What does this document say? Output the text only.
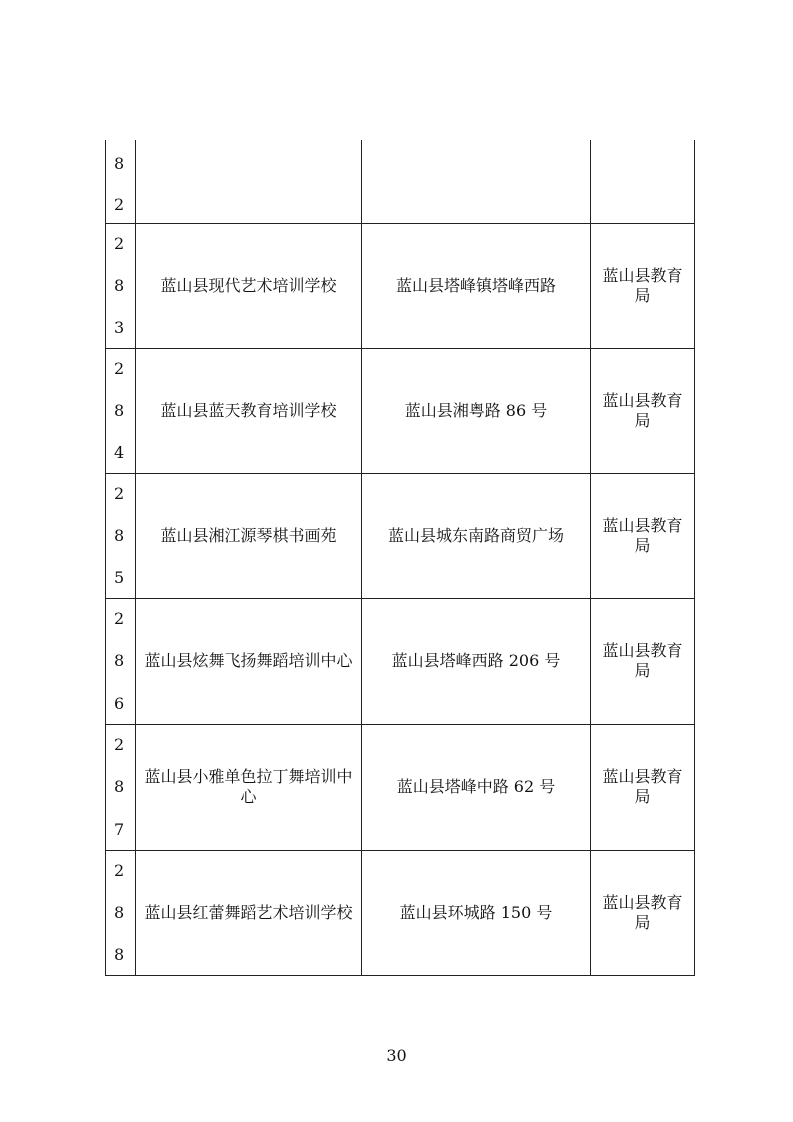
8
2			

2
8
3	蓝山县现代艺术培训学校	蓝山县塔峰镇塔峰西路	蓝山县教育局

2
8
4	蓝山县蓝天教育培训学校	蓝山县湘粤路 86 号	蓝山县教育局

2
8
5	蓝山县湘江源琴棋书画苑	蓝山县城东南路商贸广场	蓝山县教育局

2
8
6	蓝山县炫舞飞扬舞蹈培训中心	蓝山县塔峰西路 206 号	蓝山县教育局

2
8
7	蓝山县小雅单色拉丁舞培训中心	蓝山县塔峰中路 62 号	蓝山县教育局

2
8
8	蓝山县红蕾舞蹈艺术培训学校	蓝山县环城路 150 号	蓝山县教育局
30
